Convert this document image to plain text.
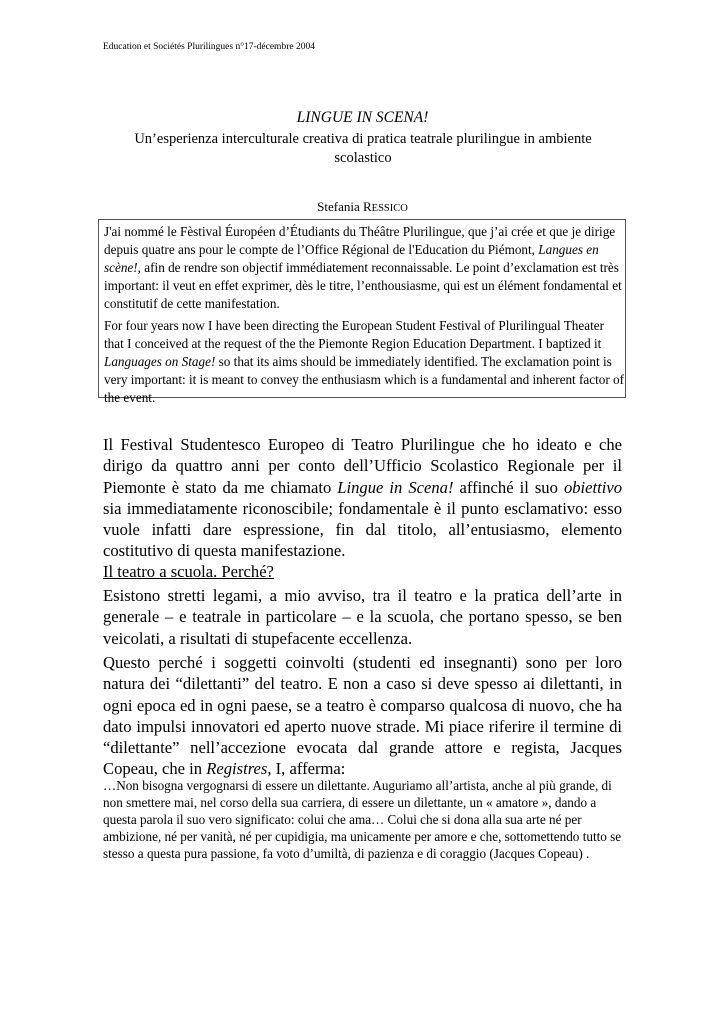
Education et Sociétés Plurilingues n°17-décembre 2004
LINGUE IN SCENA!
Un’esperienza interculturale creativa di pratica teatrale plurilingue in ambiente scolastico
Stefania RESSICO

J'ai nommé le Fèstival Éuropéen d’Étudiants du Théâtre Plurilingue, que j’ai crée et que je dirige depuis quatre ans pour le compte de l’Office Régional de l'Education du Piémont, Langues en scène!, afin de rendre son objectif immédiatement reconnaissable. Le point d’exclamation est très important: il veut en effet exprimer, dès le titre, l’enthousiasme, qui est un élément fondamental et constitutif de cette manifestation.

For four years now I have been directing the European Student Festival of Plurilingual Theater that I conceived at the request of the the Piemonte Region Education Department. I baptized it Languages on Stage! so that its aims should be immediately identified. The exclamation point is very important: it is meant to convey the enthusiasm which is a fundamental and inherent factor of the event.

Il Festival Studentesco Europeo di Teatro Plurilingue che ho ideato e che dirigo da quattro anni per conto dell’Ufficio Scolastico Regionale per il Piemonte è stato da me chiamato Lingue in Scena! affinché il suo obiettivo sia immediatamente riconoscibile; fondamentale è il punto esclamativo: esso vuole infatti dare espressione, fin dal titolo, all’entusiasmo, elemento costitutivo di questa manifestazione.

Il teatro a scuola. Perché?
Esistono stretti legami, a mio avviso, tra il teatro e la pratica dell’arte in generale – e teatrale in particolare – e la scuola, che portano spesso, se ben veicolati, a risultati di stupefacente eccellenza.

Questo perché i soggetti coinvolti (studenti ed insegnanti) sono per loro natura dei “dilettanti” del teatro. E non a caso si deve spesso ai dilettanti, in ogni epoca ed in ogni paese, se a teatro è comparso qualcosa di nuovo, che ha dato impulsi innovatori ed aperto nuove strade. Mi piace riferire il termine di “dilettante” nell’accezione evocata dal grande attore e regista, Jacques Copeau, che in Registres, I, afferma:

…Non bisogna vergognarsi di essere un dilettante. Auguriamo all’artista, anche al più grande, di non smettere mai, nel corso della sua carriera, di essere un dilettante, un « amatore », dando a questa parola il suo vero significato: colui che ama… Colui che si dona alla sua arte né per ambizione, né per vanità, né per cupidigia, ma unicamente per amore e che, sottomettendo tutto se stesso a questa pura passione, fa voto d’umiltà, di pazienza e di coraggio (Jacques Copeau) .
